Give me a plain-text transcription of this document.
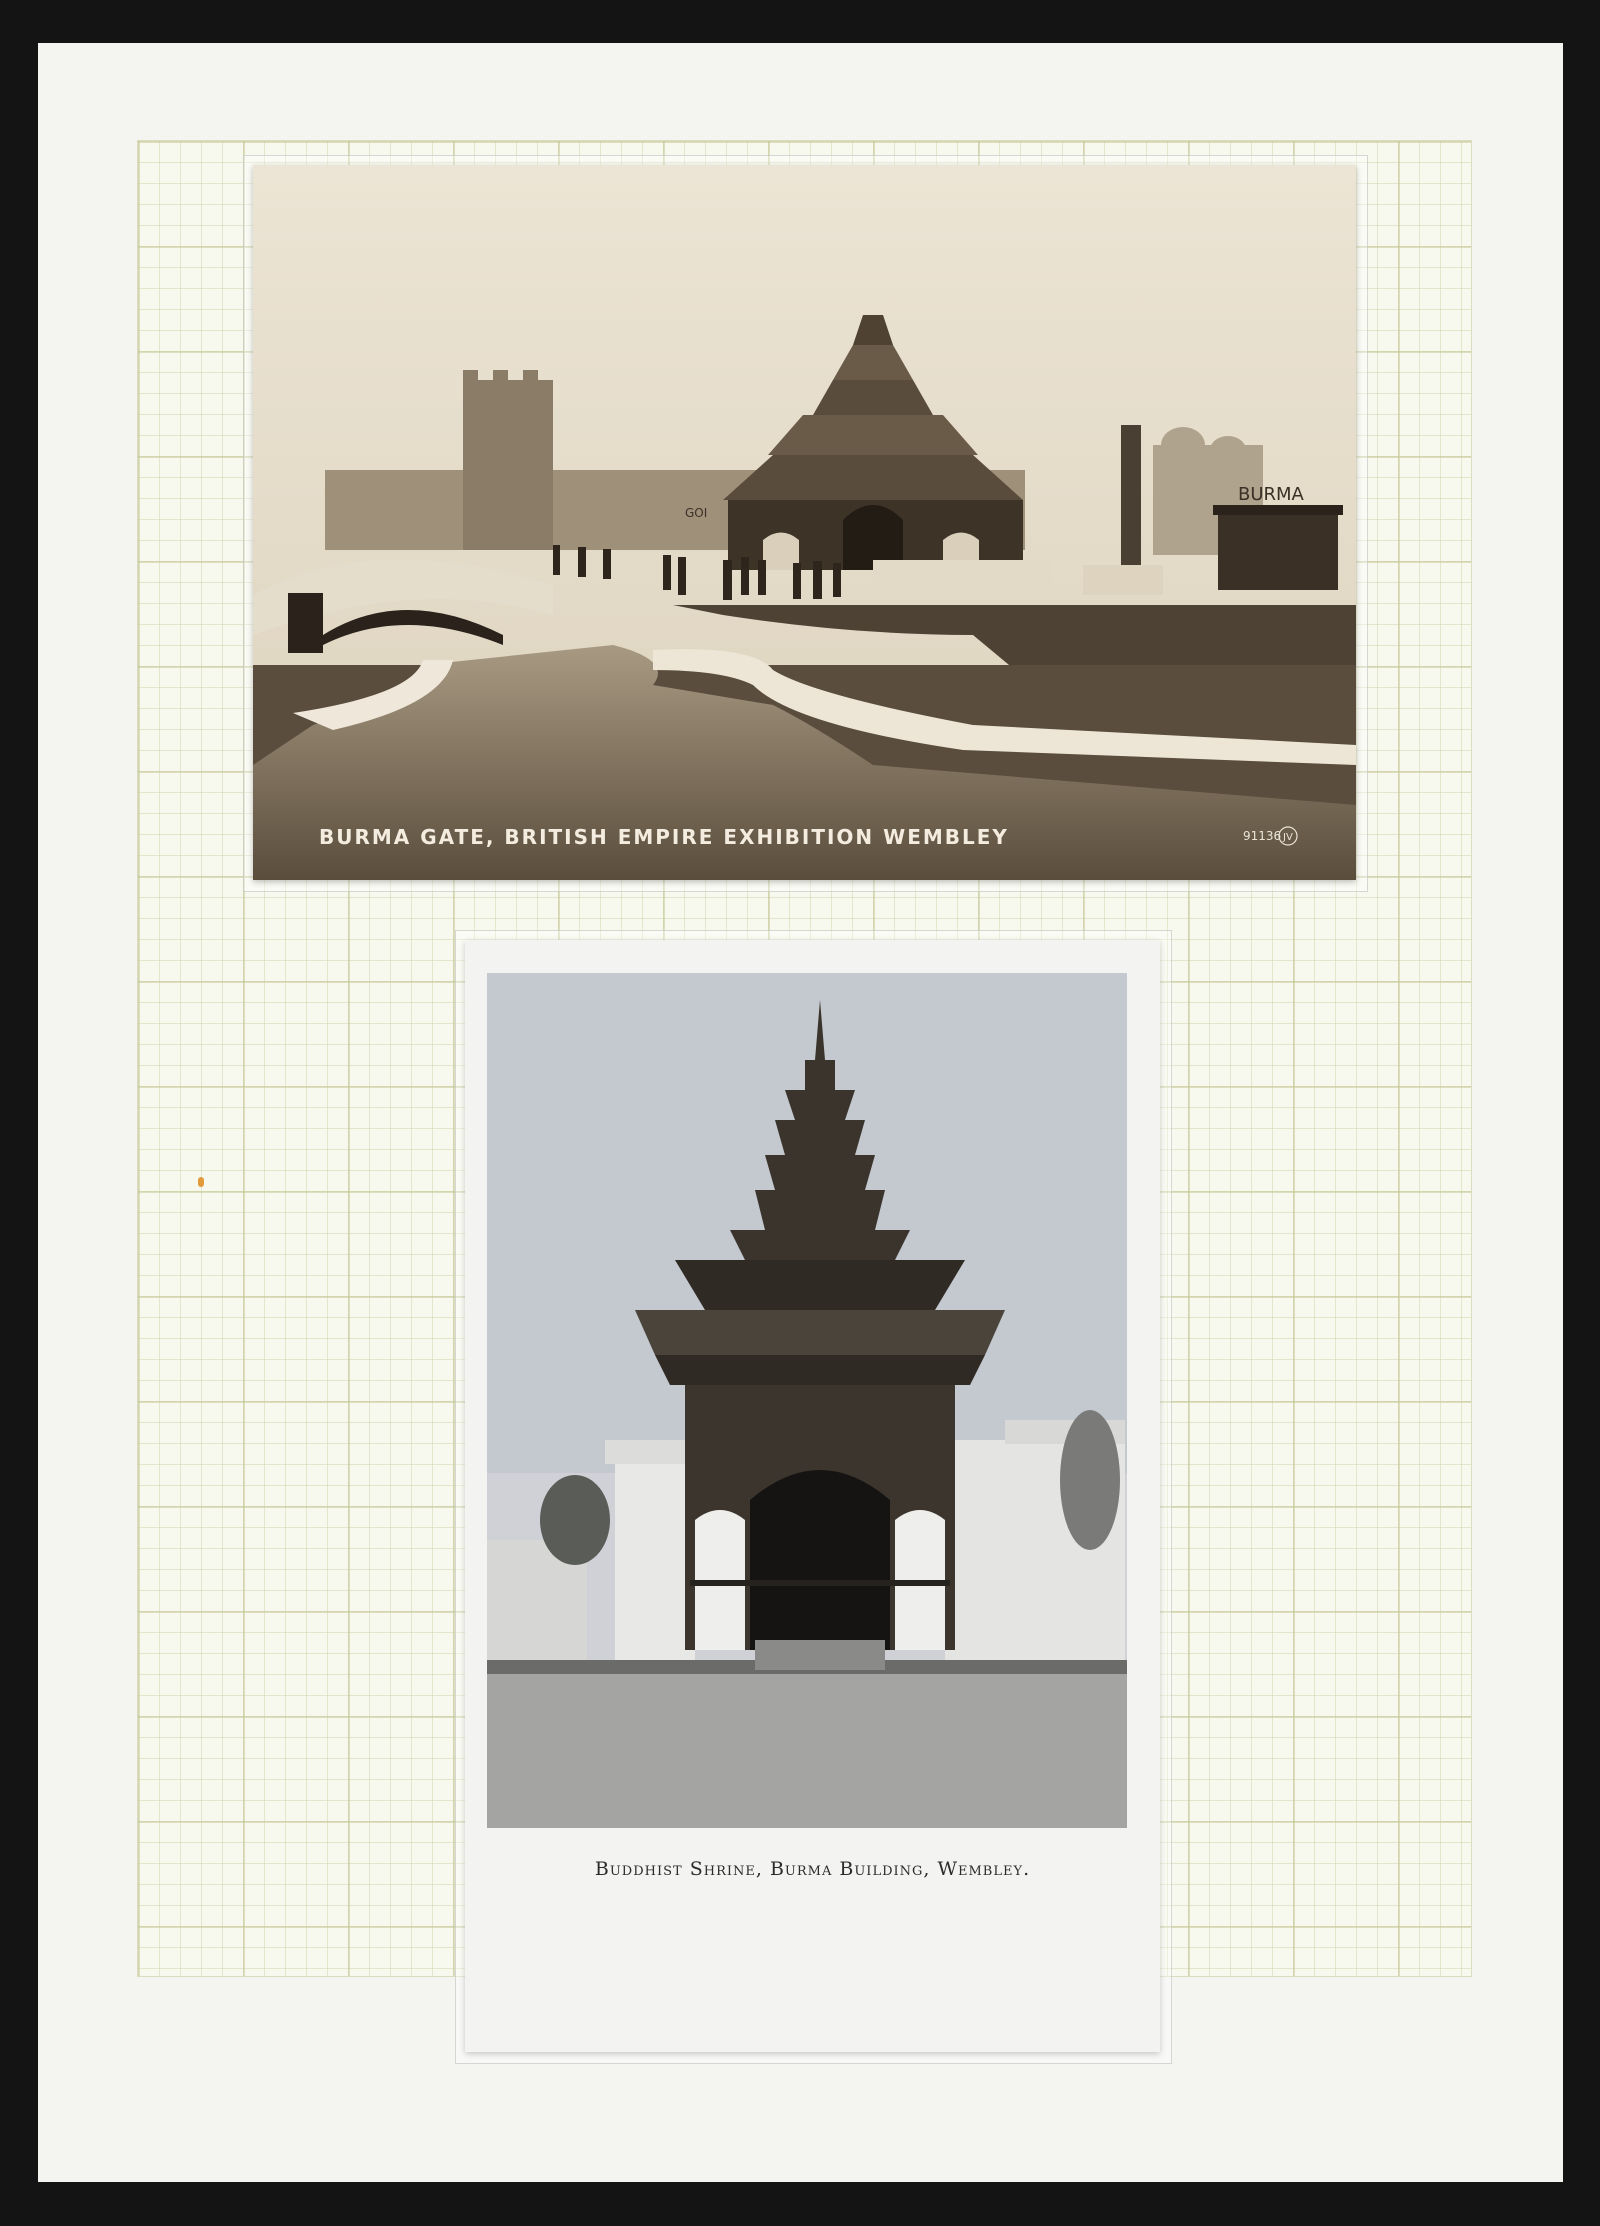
BURMA
GOI
91136 JV
BURMA GATE, BRITISH EMPIRE EXHIBITION WEMBLEY
Buddhist Shrine, Burma Building, Wembley.
